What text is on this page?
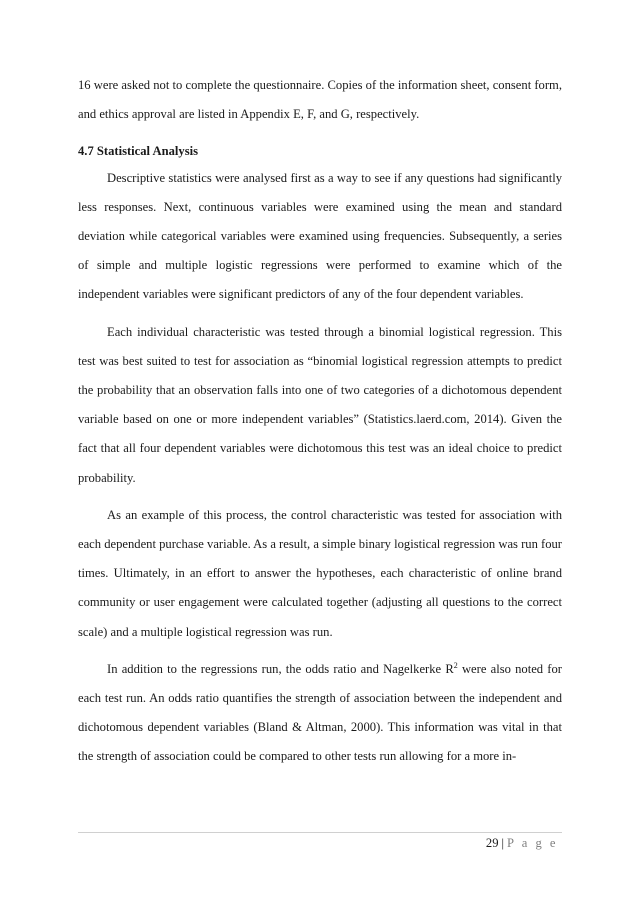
16 were asked not to complete the questionnaire. Copies of the information sheet, consent form, and ethics approval are listed in Appendix E, F, and G, respectively.

4.7 Statistical Analysis

Descriptive statistics were analysed first as a way to see if any questions had significantly less responses. Next, continuous variables were examined using the mean and standard deviation while categorical variables were examined using frequencies. Subsequently, a series of simple and multiple logistic regressions were performed to examine which of the independent variables were significant predictors of any of the four dependent variables.

Each individual characteristic was tested through a binomial logistical regression. This test was best suited to test for association as “binomial logistical regression attempts to predict the probability that an observation falls into one of two categories of a dichotomous dependent variable based on one or more independent variables” (Statistics.laerd.com, 2014). Given the fact that all four dependent variables were dichotomous this test was an ideal choice to predict probability.

As an example of this process, the control characteristic was tested for association with each dependent purchase variable. As a result, a simple binary logistical regression was run four times. Ultimately, in an effort to answer the hypotheses, each characteristic of online brand community or user engagement were calculated together (adjusting all questions to the correct scale) and a multiple logistical regression was run.

In addition to the regressions run, the odds ratio and Nagelkerke $R^2$ were also noted for each test run. An odds ratio quantifies the strength of association between the independent and dichotomous dependent variables (Bland & Altman, 2000). This information was vital in that the strength of association could be compared to other tests run allowing for a more in-

29 | P a g e
